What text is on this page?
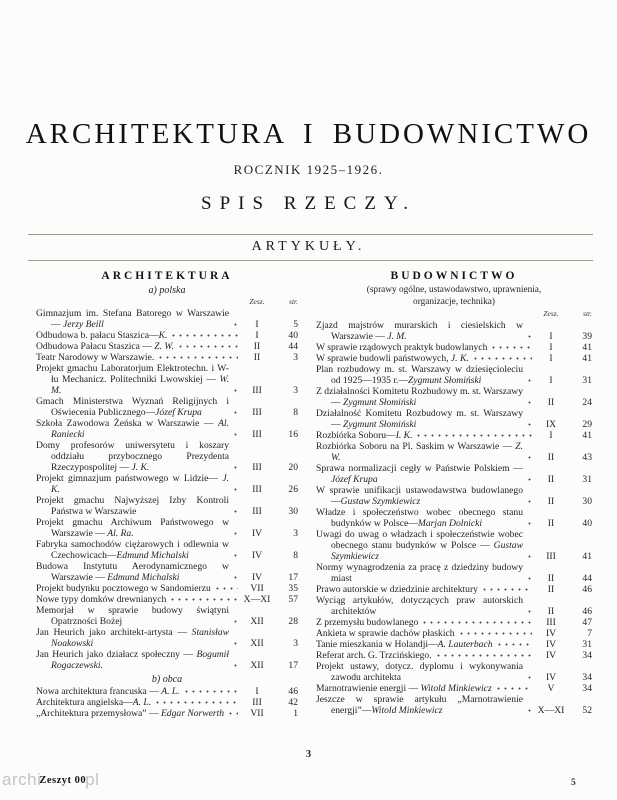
ARCHITEKTURA I BUDOWNICTWO
ROCZNIK 1925–1926.
SPIS RZECZY.
ARTYKUŁY.
ARCHITEKTURA
a) polska
Zesz.	str.
Gimnazjum im. Stefana Batorego w Warszawie — Jerzy Beill	I	5
Odbudowa b. pałacu Staszica—K.	I	40
Odbudowa Pałacu Staszica — Z. W.	II	44
Teatr Narodowy w Warszawie.	II	3
Projekt gmachu Laboratorjum Elektrotechn. i W-łu Mechanicz. Politechniki Lwowskiej — W. M.	III	3
Gmach Ministerstwa Wyznań Religijnych i Oświecenia Publicznego—Józef Krupa	III	8
Szkoła Zawodowa Żeńska w Warszawie — Al. Raniecki	III	16
Domy profesorów uniwersytetu i koszary oddziału przybocznego Prezydenta Rzeczypospolitej — J. K.	III	20
Projekt gimnazjum państwowego w Lidzie— J. K.	III	26
Projekt gmachu Najwyższej Izby Kontroli Państwa w Warszawie	III	30
Projekt gmachu Archiwum Państwowego w Warszawie — Al. Ra.	IV	3
Fabryka samochodów ciężarowych i odlewnia w Czechowicach—Edmund Michalski	IV	8
Budowa Instytutu Aerodynamicznego w Warszawie — Edmund Michalski	IV	17
Projekt budynku pocztowego w Sandomierzu	VII	35
Nowe typy domków drewnianych	X—XI	57
Memorjał w sprawie budowy świątyni Opatrzności Bożej	XII	28
Jan Heurich jako architekt-artysta — Stanisław Noakowski	XII	3
Jan Heurich jako działacz społeczny — Bogumił Rogaczewski.	XII	17
b) obca
Nowa architektura francuska — A. L.	I	46
Architektura angielska—A. L.	III	42
„Architektura przemysłowa” — Edgar Norwerth	VII	1
BUDOWNICTWO
(sprawy ogólne, ustawodawstwo, uprawnienia,
organizacje, technika)
Zesz.	str.
Zjazd majstrów murarskich i ciesielskich w Warszawie — J. M.	I	39
W sprawie rządowych praktyk budowlanych	I	41
W sprawie budowli państwowych, J. K.	I	41
Plan rozbudowy m. st. Warszawy w dziesięcioleciu od 1925—1935 r.—Zygmunt Słomiński	I	31
Z działalności Komitetu Rozbudowy m. st. Warszawy — Zygmunt Słomiński	II	24
Działalność Komitetu Rozbudowy m. st. Warszawy — Zygmunt Słomiński	IX	29
Rozbiórka Soboru—I. K.	I	41
Rozbiórka Soboru na Pl. Saskim w Warszawie — Z. W.	II	43
Sprawa normalizacji cegły w Państwie Polskiem — Józef Krupa	II	31
W sprawie unifikacji ustawodawstwa budowlanego—Gustaw Szymkiewicz	II	30
Władze i społeczeństwo wobec obecnego stanu budynków w Polsce—Marjan Dolnicki	II	40
Uwagi do uwag o władzach i społeczeństwie wobec obecnego stanu budynków w Polsce — Gustaw Szymkiewicz	III	41
Normy wynagrodzenia za pracę z dziedziny budowy miast	II	44
Prawo autorskie w dziedzinie architektury	II	46
Wyciąg artykułów, dotyczących praw autorskich architektów	II	46
Z przemysłu budowlanego	III	47
Ankieta w sprawie dachów płaskich	IV	7
Tanie mieszkania w Holandji—A. Lauterbach	IV	31
Referat arch. G. Trzcińskiego.	IV	34
Projekt ustawy, dotycz. dyplomu i wykonywania zawodu architekta	IV	34
Marnotrawienie energji — Witold Minkiewicz	V	34
Jeszcze w sprawie artykułu „Marnotrawienie energji”—Witold Minkiewicz	X—XI	52
3
archi
Zeszyt 00 pl	5
